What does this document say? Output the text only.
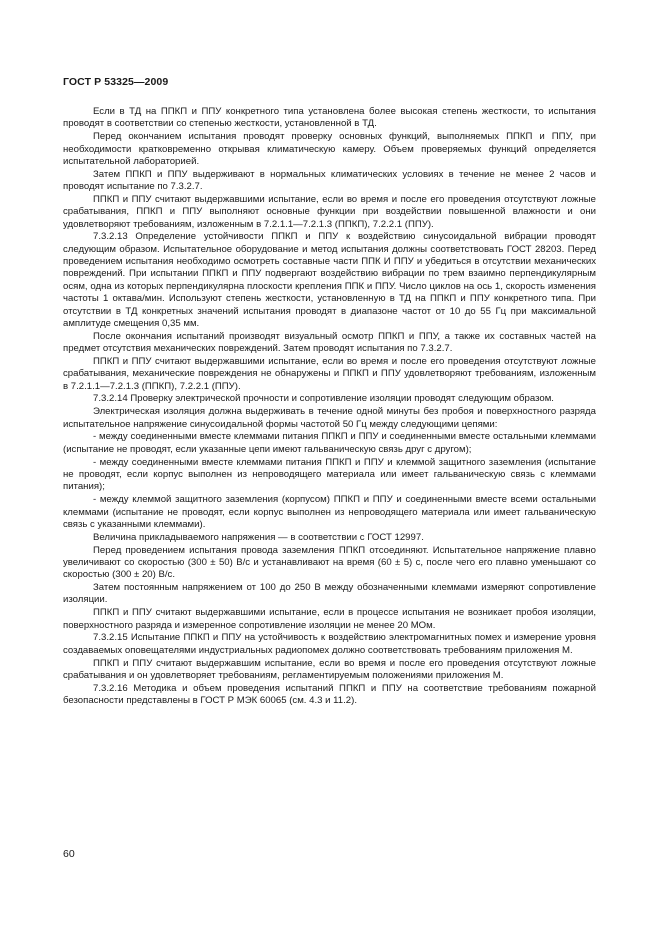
ГОСТ Р 53325—2009

Если в ТД на ППКП и ППУ конкретного типа установлена более высокая степень жесткости, то испытания проводят в соответствии со степенью жесткости, установленной в ТД.

Перед окончанием испытания проводят проверку основных функций, выполняемых ППКП и ППУ, при необходимости кратковременно открывая климатическую камеру. Объем проверяемых функций определяется испытательной лабораторией.

Затем ППКП и ППУ выдерживают в нормальных климатических условиях в течение не менее 2 часов и проводят испытание по 7.3.2.7.

ППКП и ППУ считают выдержавшими испытание, если во время и после его проведения отсутствуют ложные срабатывания, ППКП и ППУ выполняют основные функции при воздействии повышенной влажности и они удовлетворяют требованиям, изложенным в 7.2.1.1—7.2.1.3 (ППКП), 7.2.2.1 (ППУ).

7.3.2.13 Определение устойчивости ППКП и ППУ к воздействию синусоидальной вибрации проводят следующим образом. Испытательное оборудование и метод испытания должны соответствовать ГОСТ 28203. Перед проведением испытания необходимо осмотреть составные части ППК И ППУ и убедиться в отсутствии механических повреждений. При испытании ППКП и ППУ подвергают воздействию вибрации по трем взаимно перпендикулярным осям, одна из которых перпендикулярна плоскости крепления ППК и ППУ. Число циклов на ось 1, скорость изменения частоты 1 октава/мин. Используют степень жесткости, установленную в ТД на ППКП и ППУ конкретного типа. При отсутствии в ТД конкретных значений испытания проводят в диапазоне частот от 10 до 55 Гц при максимальной амплитуде смещения 0,35 мм.

После окончания испытаний производят визуальный осмотр ППКП и ППУ, а также их составных частей на предмет отсутствия механических повреждений. Затем проводят испытания по 7.3.2.7.

ППКП и ППУ считают выдержавшими испытание, если во время и после его проведения отсутствуют ложные срабатывания, механические повреждения не обнаружены и ППКП и ППУ удовлетворяют требованиям, изложенным в 7.2.1.1—7.2.1.3 (ППКП), 7.2.2.1 (ППУ).

7.3.2.14 Проверку электрической прочности и сопротивление изоляции проводят следующим образом.

Электрическая изоляция должна выдерживать в течение одной минуты без пробоя и поверхностного разряда испытательное напряжение синусоидальной формы частотой 50 Гц между следующими цепями:

- между соединенными вместе клеммами питания ППКП и ППУ и соединенными вместе остальными клеммами (испытание не проводят, если указанные цепи имеют гальваническую связь друг с другом);

- между соединенными вместе клеммами питания ППКП и ППУ и клеммой защитного заземления (испытание не проводят, если корпус выполнен из непроводящего материала или имеет гальваническую связь с клеммами питания);

- между клеммой защитного заземления (корпусом) ППКП и ППУ и соединенными вместе всеми остальными клеммами (испытание не проводят, если корпус выполнен из непроводящего материала или имеет гальваническую связь с указанными клеммами).

Величина прикладываемого напряжения — в соответствии с ГОСТ 12997.

Перед проведением испытания провода заземления ППКП отсоединяют. Испытательное напряжение плавно увеличивают со скоростью (300 ± 50) В/с и устанавливают на время (60 ± 5) с, после чего его плавно уменьшают со скоростью (300 ± 20) В/с.

Затем постоянным напряжением от 100 до 250 В между обозначенными клеммами измеряют сопротивление изоляции.

ППКП и ППУ считают выдержавшими испытание, если в процессе испытания не возникает пробоя изоляции, поверхностного разряда и измеренное сопротивление изоляции не менее 20 МОм.

7.3.2.15 Испытание ППКП и ППУ на устойчивость к воздействию электромагнитных помех и измерение уровня создаваемых оповещателями индустриальных радиопомех должно соответствовать требованиям приложения М.

ППКП и ППУ считают выдержавшим испытание, если во время и после его проведения отсутствуют ложные срабатывания и он удовлетворяет требованиям, регламентируемым положениями приложения М.

7.3.2.16 Методика и объем проведения испытаний ППКП и ППУ на соответствие требованиям пожарной безопасности представлены в ГОСТ Р МЭК 60065 (см. 4.3 и 11.2).

60
